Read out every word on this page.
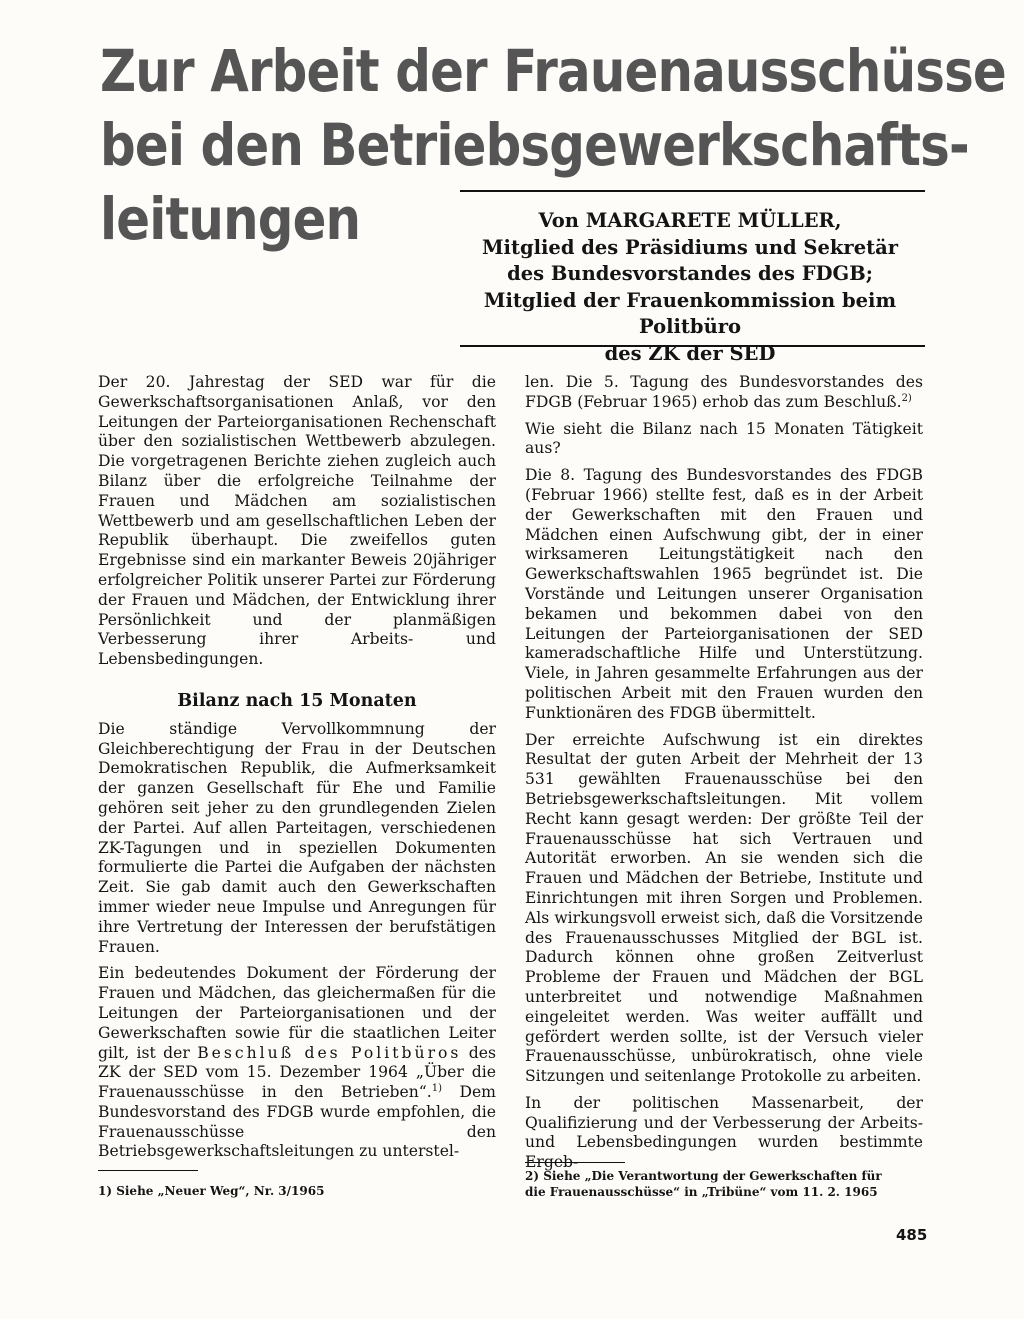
Zur Arbeit der Frauenausschüsse
bei den Betriebsgewerkschafts-
leitungen	Von MARGARETE MÜLLER,
Mitglied des Präsidiums und Sekretär
des Bundesvorstandes des FDGB;
Mitglied der Frauenkommission beim Politbüro
des ZK der SED

Der 20. Jahrestag der SED war für die Gewerkschaftsorganisationen Anlaß, vor den Leitungen der Parteiorganisationen Rechenschaft über den sozialistischen Wettbewerb abzulegen. Die vorgetragenen Berichte ziehen zugleich auch Bilanz über die erfolgreiche Teilnahme der Frauen und Mädchen am sozialistischen Wettbewerb und am gesellschaftlichen Leben der Republik überhaupt. Die zweifellos guten Ergebnisse sind ein markanter Beweis 20jähriger erfolgreicher Politik unserer Partei zur Förderung der Frauen und Mädchen, der Entwicklung ihrer Persönlichkeit und der planmäßigen Verbesserung ihrer Arbeits- und Lebensbedingungen.

Bilanz nach 15 Monaten

Die ständige Vervollkommnung der Gleichberechtigung der Frau in der Deutschen Demokratischen Republik, die Aufmerksamkeit der ganzen Gesellschaft für Ehe und Familie gehören seit jeher zu den grundlegenden Zielen der Partei. Auf allen Parteitagen, verschiedenen ZK-Tagungen und in speziellen Dokumenten formulierte die Partei die Aufgaben der nächsten Zeit. Sie gab damit auch den Gewerkschaften immer wieder neue Impulse und Anregungen für ihre Vertretung der Interessen der berufstätigen Frauen.

Ein bedeutendes Dokument der Förderung der Frauen und Mädchen, das gleichermaßen für die Leitungen der Parteiorganisationen und der Gewerkschaften sowie für die staatlichen Leiter gilt, ist der Beschluß des Politbüros des ZK der SED vom 15. Dezember 1964 „Über die Frauenausschüsse in den Betrieben“.$^{1)}$ Dem Bundesvorstand des FDGB wurde empfohlen, die Frauenausschüsse den Betriebsgewerkschaftsleitungen zu unterstel-

1) Siehe „Neuer Weg“, Nr. 3/1965

len. Die 5. Tagung des Bundesvorstandes des FDGB (Februar 1965) erhob das zum Beschluß.$^{2)}$

Wie sieht die Bilanz nach 15 Monaten Tätigkeit aus?

Die 8. Tagung des Bundesvorstandes des FDGB (Februar 1966) stellte fest, daß es in der Arbeit der Gewerkschaften mit den Frauen und Mädchen einen Aufschwung gibt, der in einer wirksameren Leitungstätigkeit nach den Gewerkschaftswahlen 1965 begründet ist. Die Vorstände und Leitungen unserer Organisation bekamen und bekommen dabei von den Leitungen der Parteiorganisationen der SED kameradschaftliche Hilfe und Unterstützung. Viele, in Jahren gesammelte Erfahrungen aus der politischen Arbeit mit den Frauen wurden den Funktionären des FDGB übermittelt.

Der erreichte Aufschwung ist ein direktes Resultat der guten Arbeit der Mehrheit der 13 531 gewählten Frauenausschüse bei den Betriebsgewerkschaftsleitungen. Mit vollem Recht kann gesagt werden: Der größte Teil der Frauenausschüsse hat sich Vertrauen und Autorität erworben. An sie wenden sich die Frauen und Mädchen der Betriebe, Institute und Einrichtungen mit ihren Sorgen und Problemen. Als wirkungsvoll erweist sich, daß die Vorsitzende des Frauenausschusses Mitglied der BGL ist. Dadurch können ohne großen Zeitverlust Probleme der Frauen und Mädchen der BGL unterbreitet und notwendige Maßnahmen eingeleitet werden. Was weiter auffällt und gefördert werden sollte, ist der Versuch vieler Frauenausschüsse, unbürokratisch, ohne viele Sitzungen und seitenlange Protokolle zu arbeiten.

In der politischen Massenarbeit, der Qualifizierung und der Verbesserung der Arbeits- und Lebensbedingungen wurden bestimmte Ergeb-

2) Siehe „Die Verantwortung der Gewerkschaften für
die Frauenausschüsse“ in „Tribüne“ vom 11. 2. 1965
485
